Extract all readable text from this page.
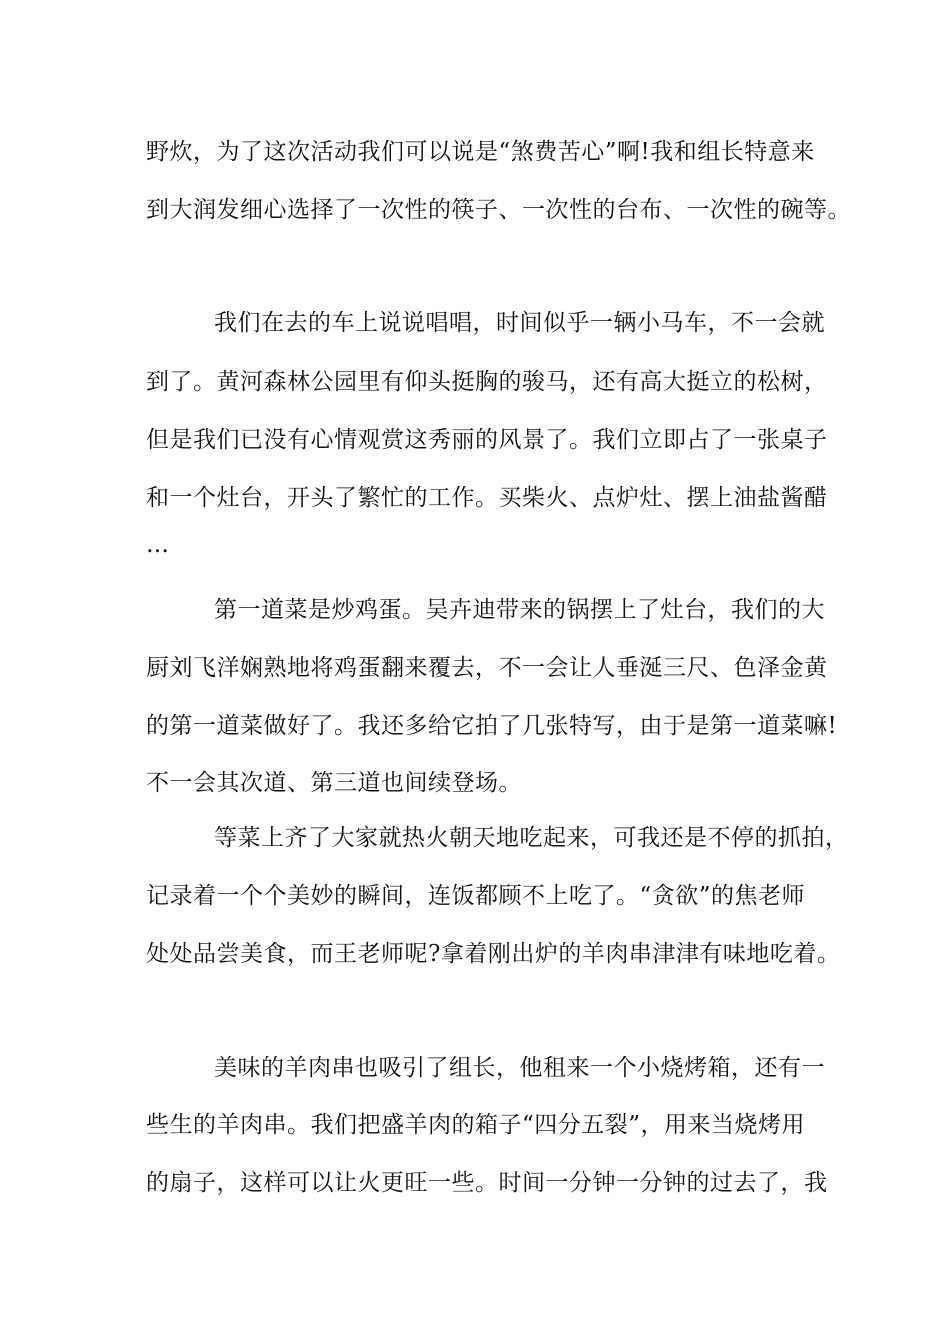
野炊，为了这次活动我们可以说是“煞费苦心”啊!我和组长特意来
到大润发细心选择了一次性的筷子、一次性的台布、一次性的碗等。
我们在去的车上说说唱唱，时间似乎一辆小马车，不一会就
到了。黄河森林公园里有仰头挺胸的骏马，还有高大挺立的松树，
但是我们已没有心情观赏这秀丽的风景了。我们立即占了一张桌子
和一个灶台，开头了繁忙的工作。买柴火、点炉灶、摆上油盐酱醋
…
第一道菜是炒鸡蛋。吴卉迪带来的锅摆上了灶台，我们的大
厨刘飞洋娴熟地将鸡蛋翻来覆去，不一会让人垂涎三尺、色泽金黄
的第一道菜做好了。我还多给它拍了几张特写，由于是第一道菜嘛!
不一会其次道、第三道也间续登场。
等菜上齐了大家就热火朝天地吃起来，可我还是不停的抓拍，
记录着一个个美妙的瞬间，连饭都顾不上吃了。“贪欲”的焦老师
处处品尝美食，而王老师呢?拿着刚出炉的羊肉串津津有味地吃着。
美味的羊肉串也吸引了组长，他租来一个小烧烤箱，还有一
些生的羊肉串。我们把盛羊肉的箱子“四分五裂”，用来当烧烤用
的扇子，这样可以让火更旺一些。时间一分钟一分钟的过去了，我
